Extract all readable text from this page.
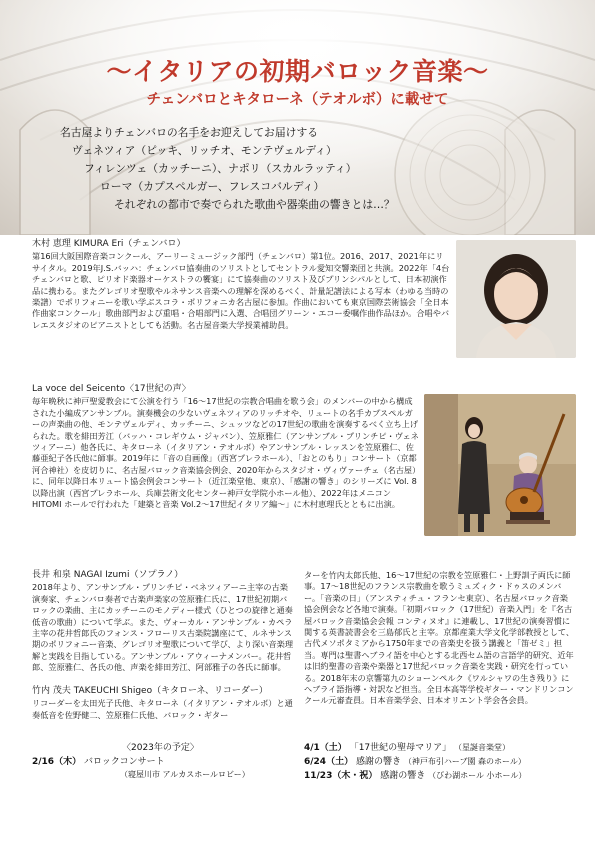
〜イタリアの初期バロック音楽〜
チェンバロとキタローネ（テオルボ）に載せて
名古屋よりチェンバロの名手をお迎えしてお届けする
ヴェネツィア（ピッキ、リッチオ、モンテヴェルディ）
フィレンツェ（カッチーニ）、ナポリ（スカルラッティ）
ローマ（カプスペルガー、フレスコバルディ）
それぞれの都市で奏でられた歌曲や器楽曲の響きとは…？
木村 恵理 KIMURA Eri（チェンバロ）

第16回大阪国際音楽コンクール、アーリーミュージック部門（チェンバロ）第1位。2016、2017、2021年にリサイタル。2019年J.S.バッハ：チェンバロ協奏曲のソリストとしてセントラル愛知交響楽団と共演。2022年「4台チェンバロと歌、ピリオド楽器オーケストラの饗宴」にて協奏曲のソリスト及びプリンシパルとして、日本初演作品に携わる。またグレゴリオ聖歌やルネサンス音楽への理解を深めるべく、計量記譜法による写本（わゆる当時の楽譜）でポリフォニーを歌い学ぶスコラ・ポリフォニカ名古屋に参加。作曲においても東京国際芸術協会「全日本作曲家コンクール」歌曲部門および重唱・合唱部門に入選、合唱団グリーン・エコー委嘱作曲作品ほか。合唱やバレエスタジオのピアニストとしても活動。名古屋音楽大学授業補助員。

La voce del Seicento〈17世紀の声〉

毎年晩秋に神戸聖愛教会にて公演を行う「16〜17世紀の宗教合唱曲を歌う会」のメンバーの中から構成された小編成アンサンブル。演奏機会の少ないヴェネツィアのリッチオや、リュートの名手カプスペルガーの声楽曲の他、モンテヴェルディ、カッチーニ、シュッツなどの17世紀の歌曲を演奏するべく立ち上げられた。歌を緋田芳江（バッハ・コレギウム・ジャパン）、笠原雅仁（アンサンブル・プリンチピ・ヴェネツィアーニ）他各氏に、キタローネ（イタリアン・テオルボ）やアンサンブル・レッスンを笠原雅仁、佐藤亜紀子各氏他に師事。2019年に「音の自画像」（西宮プレラホール）、「おとのもり」コンサート（京都河合神社）を皮切りに、名古屋バロック音楽協会例会、2020年からスタジオ・ヴィヴァーチェ（名古屋）に、同年以降日本リュート協会例会コンサート（近江楽堂他、東京）、「感謝の響き」のシリーズに Vol. 8 以降出演（西宮プレラホール、兵庫芸術文化センター神戸女学院小ホール他）、2022年はメニコン HITOMI ホールで行われた「建築と音楽 Vol.2〜17世紀イタリア編〜」に木村恵理氏とともに出演。

長井 和泉 NAGAI Izumi（ソプラノ）

2018年より、アンサンブル・プリンチピ・ベネツィアーニ主宰の古楽演奏家、チェンバロ奏者で古楽声楽家の笠原雅仁氏に、17世紀初期バロックの楽曲、主にカッチーニのモノディー様式（ひとつの旋律と通奏低音の歌曲）について学ぶ。また、ヴォーカル・アンサンブル・カペラ主宰の花井哲郎氏のフォンス・フローリス古楽院講座にて、ルネサンス期のポリフォニー音楽、グレゴリオ聖歌について学び、より深い音楽理解と実践を目指している。アンサンブル・アウィーナメンバー。花井哲郎、笠原雅仁、各氏の他、声楽を緋田芳江、阿部雅子の各氏に師事。

竹内 茂夫 TAKEUCHI Shigeo（キタローネ、リコーダー）

リコーダーを太田光子氏他、キタローネ（イタリアン・テオルボ）と通奏低音を佐野健二、笠原雅仁氏他、バロック・ギター

ターを竹内太郎氏他、16〜17世紀の宗教を笠原雅仁・上野訓子両氏に師事。17〜18世紀のフランス宗教曲を歌うミュズィク・ドゥスのメンバー。「音楽の日」（アンスティチュ・フランセ東京）、名古屋バロック音楽協会例会など各地で演奏。「初期バロック（17世紀）音楽入門」を『名古屋バロック音楽協会会報 コンティヌオ』に連載し、17世紀の演奏習慣に関する英書読書会を三島郁氏と主宰。京都産業大学文化学部教授として、古代メソポタミアから1750年までの音楽史を扱う講義と「笛ゼミ」担当。専門は聖書ヘブライ語を中心とする北西セム語の言語学的研究、近年は旧約聖書の音楽や楽器と17世紀バロック音楽を実践・研究を行っている。2018年末の京響第九のショーンペルク《ワルシャワの生き残り》にヘブライ語指導・対訳など担当。全日本高等学校ギター・マンドリンコンクール元審査員。日本音楽学会、日本オリエント学会各会員。

〈2023年の予定〉
2/16（木） バロックコンサート
（寝屋川市 アルカスホールロビー）
4/1（土） 「17世紀の聖母マリア」 （星誕音楽堂）
6/24（土） 感謝の響き （神戸布引ハーブ園 森のホール）
11/23（木・祝） 感謝の響き （びわ湖ホール 小ホール）
